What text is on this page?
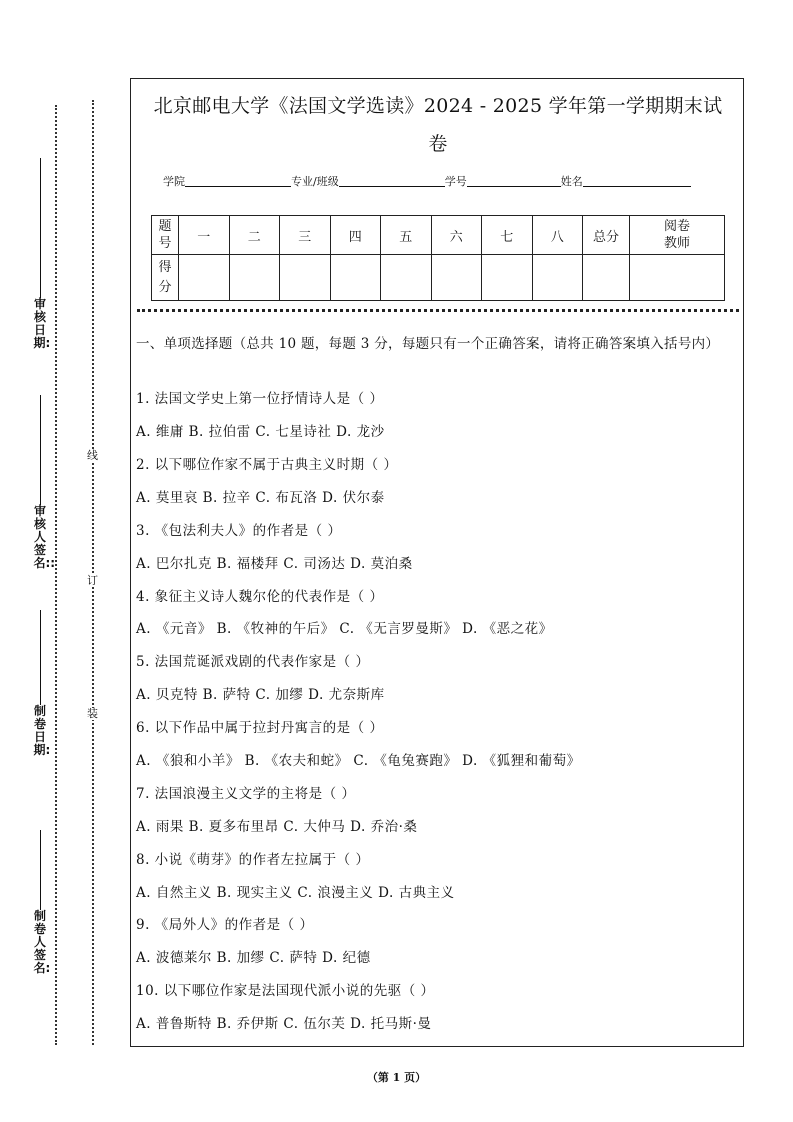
审核日期:
审核人签名::
制卷日期:
制卷人签名:
线
订
装
北京邮电大学《法国文学选读》2024 - 2025 学年第一学期期末试
卷
学院	专业/班级	学号	姓名
题
号	一	二	三	四	五	六	七	八	总分	阅卷
教师
得
分										
一、单项选择题（总共 10 题，每题 3 分，每题只有一个正确答案，请将正确答案填入括号内）
1. 法国文学史上第一位抒情诗人是（ ）
A. 维庸 B. 拉伯雷 C. 七星诗社 D. 龙沙
2. 以下哪位作家不属于古典主义时期（ ）
A. 莫里哀 B. 拉辛 C. 布瓦洛 D. 伏尔泰
3. 《包法利夫人》的作者是（ ）
A. 巴尔扎克 B. 福楼拜 C. 司汤达 D. 莫泊桑
4. 象征主义诗人魏尔伦的代表作是（ ）
A. 《元音》 B. 《牧神的午后》 C. 《无言罗曼斯》 D. 《恶之花》
5. 法国荒诞派戏剧的代表作家是（ ）
A. 贝克特 B. 萨特 C. 加缪 D. 尤奈斯库
6. 以下作品中属于拉封丹寓言的是（ ）
A. 《狼和小羊》 B. 《农夫和蛇》 C. 《龟兔赛跑》 D. 《狐狸和葡萄》
7. 法国浪漫主义文学的主将是（ ）
A. 雨果 B. 夏多布里昂 C. 大仲马 D. 乔治·桑
8. 小说《萌芽》的作者左拉属于（ ）
A. 自然主义 B. 现实主义 C. 浪漫主义 D. 古典主义
9. 《局外人》的作者是（ ）
A. 波德莱尔 B. 加缪 C. 萨特 D. 纪德
10. 以下哪位作家是法国现代派小说的先驱（ ）
A. 普鲁斯特 B. 乔伊斯 C. 伍尔芙 D. 托马斯·曼
（第 1 页）
